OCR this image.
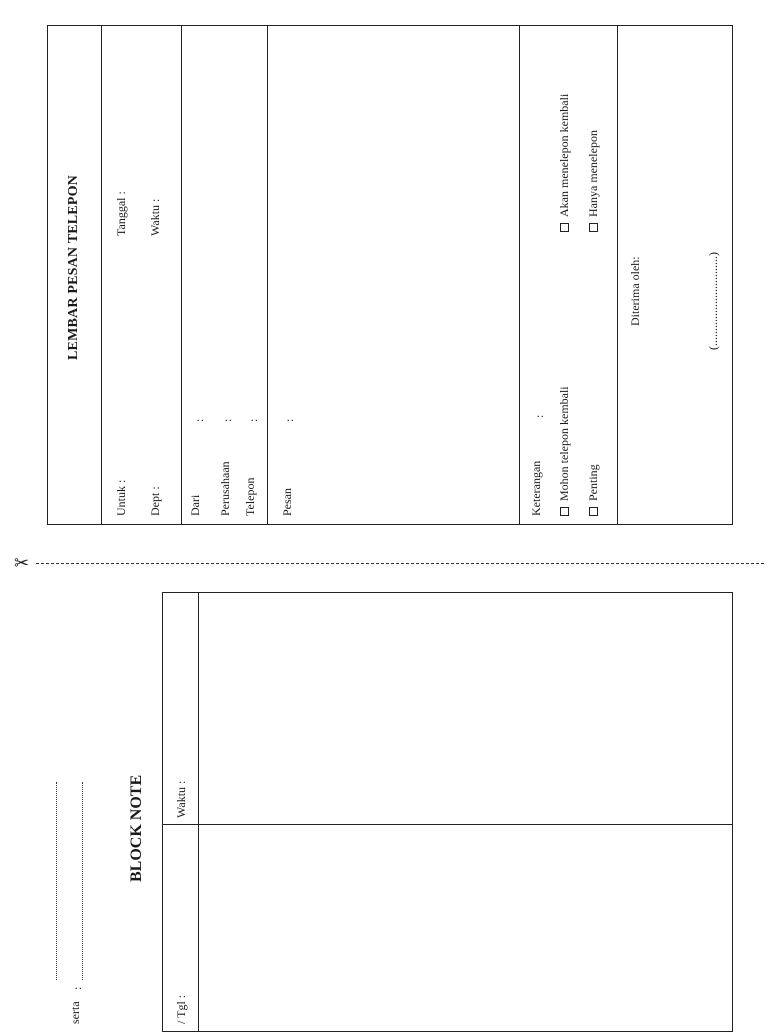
LEMBAR PESAN TELEPON
Untuk : Dept :
Tanggal : Waktu :
Dari Perusahaan Telepon
: : :
Pesan
:
Keterangan
: Mohon telepon kembali Penting
Akan menelepon kembali Hanya menelepon
Diterima oleh:	(..............................)
✂
BLOCK NOTE Waktu :
/ Tgl :
serta
:
